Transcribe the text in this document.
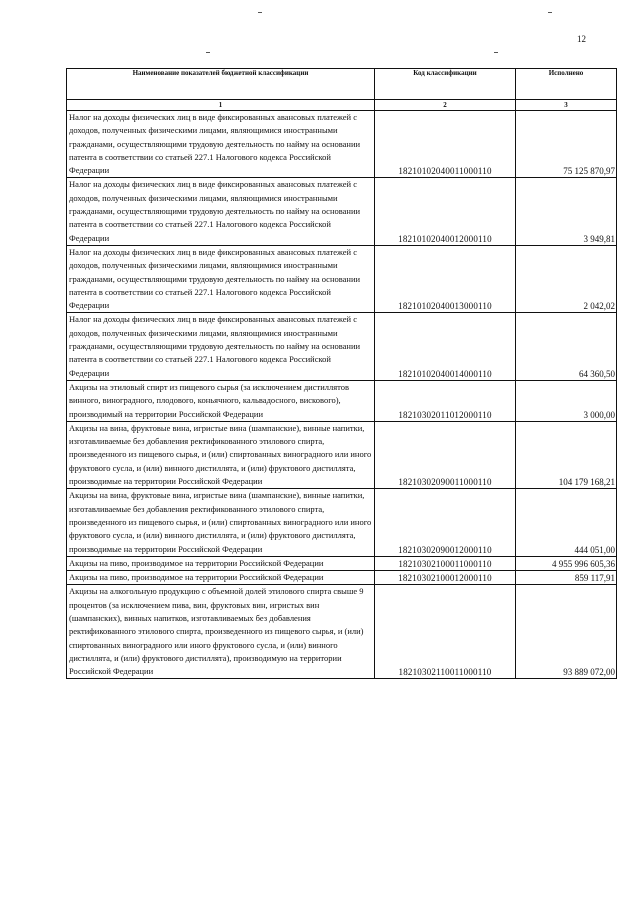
12
Наименование показателей бюджетной классификации	Код классификации	Исполнено
1	2	3
Налог на доходы физических лиц в виде фиксированных авансовых платежей с доходов, полученных физическими лицами, являющимися иностранными гражданами, осуществляющими трудовую деятельность по найму на основании патента в соответствии со статьей 227.1 Налогового кодекса Российской Федерации	18210102040011000110	75 125 870,97
Налог на доходы физических лиц в виде фиксированных авансовых платежей с доходов, полученных физическими лицами, являющимися иностранными гражданами, осуществляющими трудовую деятельность по найму на основании патента в соответствии со статьей 227.1 Налогового кодекса Российской Федерации	18210102040012000110	3 949,81
Налог на доходы физических лиц в виде фиксированных авансовых платежей с доходов, полученных физическими лицами, являющимися иностранными гражданами, осуществляющими трудовую деятельность по найму на основании патента в соответствии со статьей 227.1 Налогового кодекса Российской Федерации	18210102040013000110	2 042,02
Налог на доходы физических лиц в виде фиксированных авансовых платежей с доходов, полученных физическими лицами, являющимися иностранными гражданами, осуществляющими трудовую деятельность по найму на основании патента в соответствии со статьей 227.1 Налогового кодекса Российской Федерации	18210102040014000110	64 360,50
Акцизы на этиловый спирт из пищевого сырья (за исключением дистиллятов винного, виноградного, плодового, коньячного, кальвадосного, вискового), производимый на территории Российской Федерации	18210302011012000110	3 000,00
Акцизы на вина, фруктовые вина, игристые вина (шампанские), винные напитки, изготавливаемые без добавления ректификованного этилового спирта, произведенного из пищевого сырья, и (или) спиртованных виноградного или иного фруктового сусла, и (или) винного дистиллята, и (или) фруктового дистиллята, производимые на территории Российской Федерации	18210302090011000110	104 179 168,21
Акцизы на вина, фруктовые вина, игристые вина (шампанские), винные напитки, изготавливаемые без добавления ректификованного этилового спирта, произведенного из пищевого сырья, и (или) спиртованных виноградного или иного фруктового сусла, и (или) винного дистиллята, и (или) фруктового дистиллята, производимые на территории Российской Федерации	18210302090012000110	444 051,00
Акцизы на пиво, производимое на территории Российской Федерации	18210302100011000110	4 955 996 605,36
Акцизы на пиво, производимое на территории Российской Федерации	18210302100012000110	859 117,91
Акцизы на алкогольную продукцию с объемной долей этилового спирта свыше 9 процентов (за исключением пива, вин, фруктовых вин, игристых вин (шампанских), винных напитков, изготавливаемых без добавления ректификованного этилового спирта, произведенного из пищевого сырья, и (или) спиртованных виноградного или иного фруктового сусла, и (или) винного дистиллята, и (или) фруктового дистиллята), производимую на территории Российской Федерации	18210302110011000110	93 889 072,00
